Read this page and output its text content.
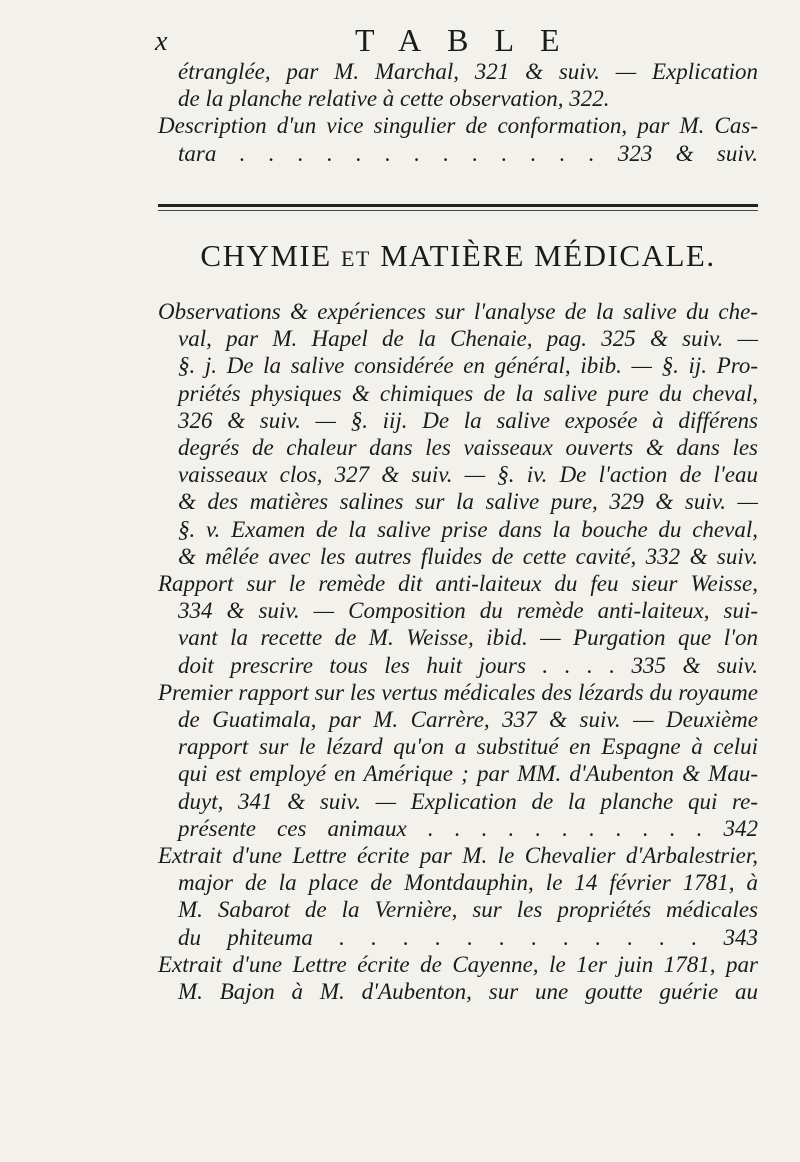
x	TABLE
étranglée, par M. Marchal, 321 & suiv. — Explication
de la planche relative à cette observation, 322.
Description d'un vice singulier de conformation, par M. Cas-
tara . . . . . . . . . . . . . 323 & suiv.
CHYMIE ET MATIÈRE MÉDICALE.
Observations & expériences sur l'analyse de la salive du che-
val, par M. Hapel de la Chenaie, pag. 325 & suiv. —
§. j. De la salive considérée en général, ibib. — §. ij. Pro-
priétés physiques & chimiques de la salive pure du cheval,
326 & suiv. — §. iij. De la salive exposée à différens
degrés de chaleur dans les vaisseaux ouverts & dans les
vaisseaux clos, 327 & suiv. — §. iv. De l'action de l'eau
& des matières salines sur la salive pure, 329 & suiv. —
§. v. Examen de la salive prise dans la bouche du cheval,
& mêlée avec les autres fluides de cette cavité, 332 & suiv.
Rapport sur le remède dit anti-laiteux du feu sieur Weisse,
334 & suiv. — Composition du remède anti-laiteux, sui-
vant la recette de M. Weisse, ibid. — Purgation que l'on
doit prescrire tous les huit jours . . . . 335 & suiv.
Premier rapport sur les vertus médicales des lézards du royaume
de Guatimala, par M. Carrère, 337 & suiv. — Deuxième
rapport sur le lézard qu'on a substitué en Espagne à celui
qui est employé en Amérique ; par MM. d'Aubenton & Mau-
duyt, 341 & suiv. — Explication de la planche qui re-
présente ces animaux . . . . . . . . . . . 342
Extrait d'une Lettre écrite par M. le Chevalier d'Arbalestrier,
major de la place de Montdauphin, le 14 février 1781, à
M. Sabarot de la Vernière, sur les propriétés médicales
du phiteuma . . . . . . . . . . . . 343
Extrait d'une Lettre écrite de Cayenne, le 1er juin 1781, par
M. Bajon à M. d'Aubenton, sur une goutte guérie au
